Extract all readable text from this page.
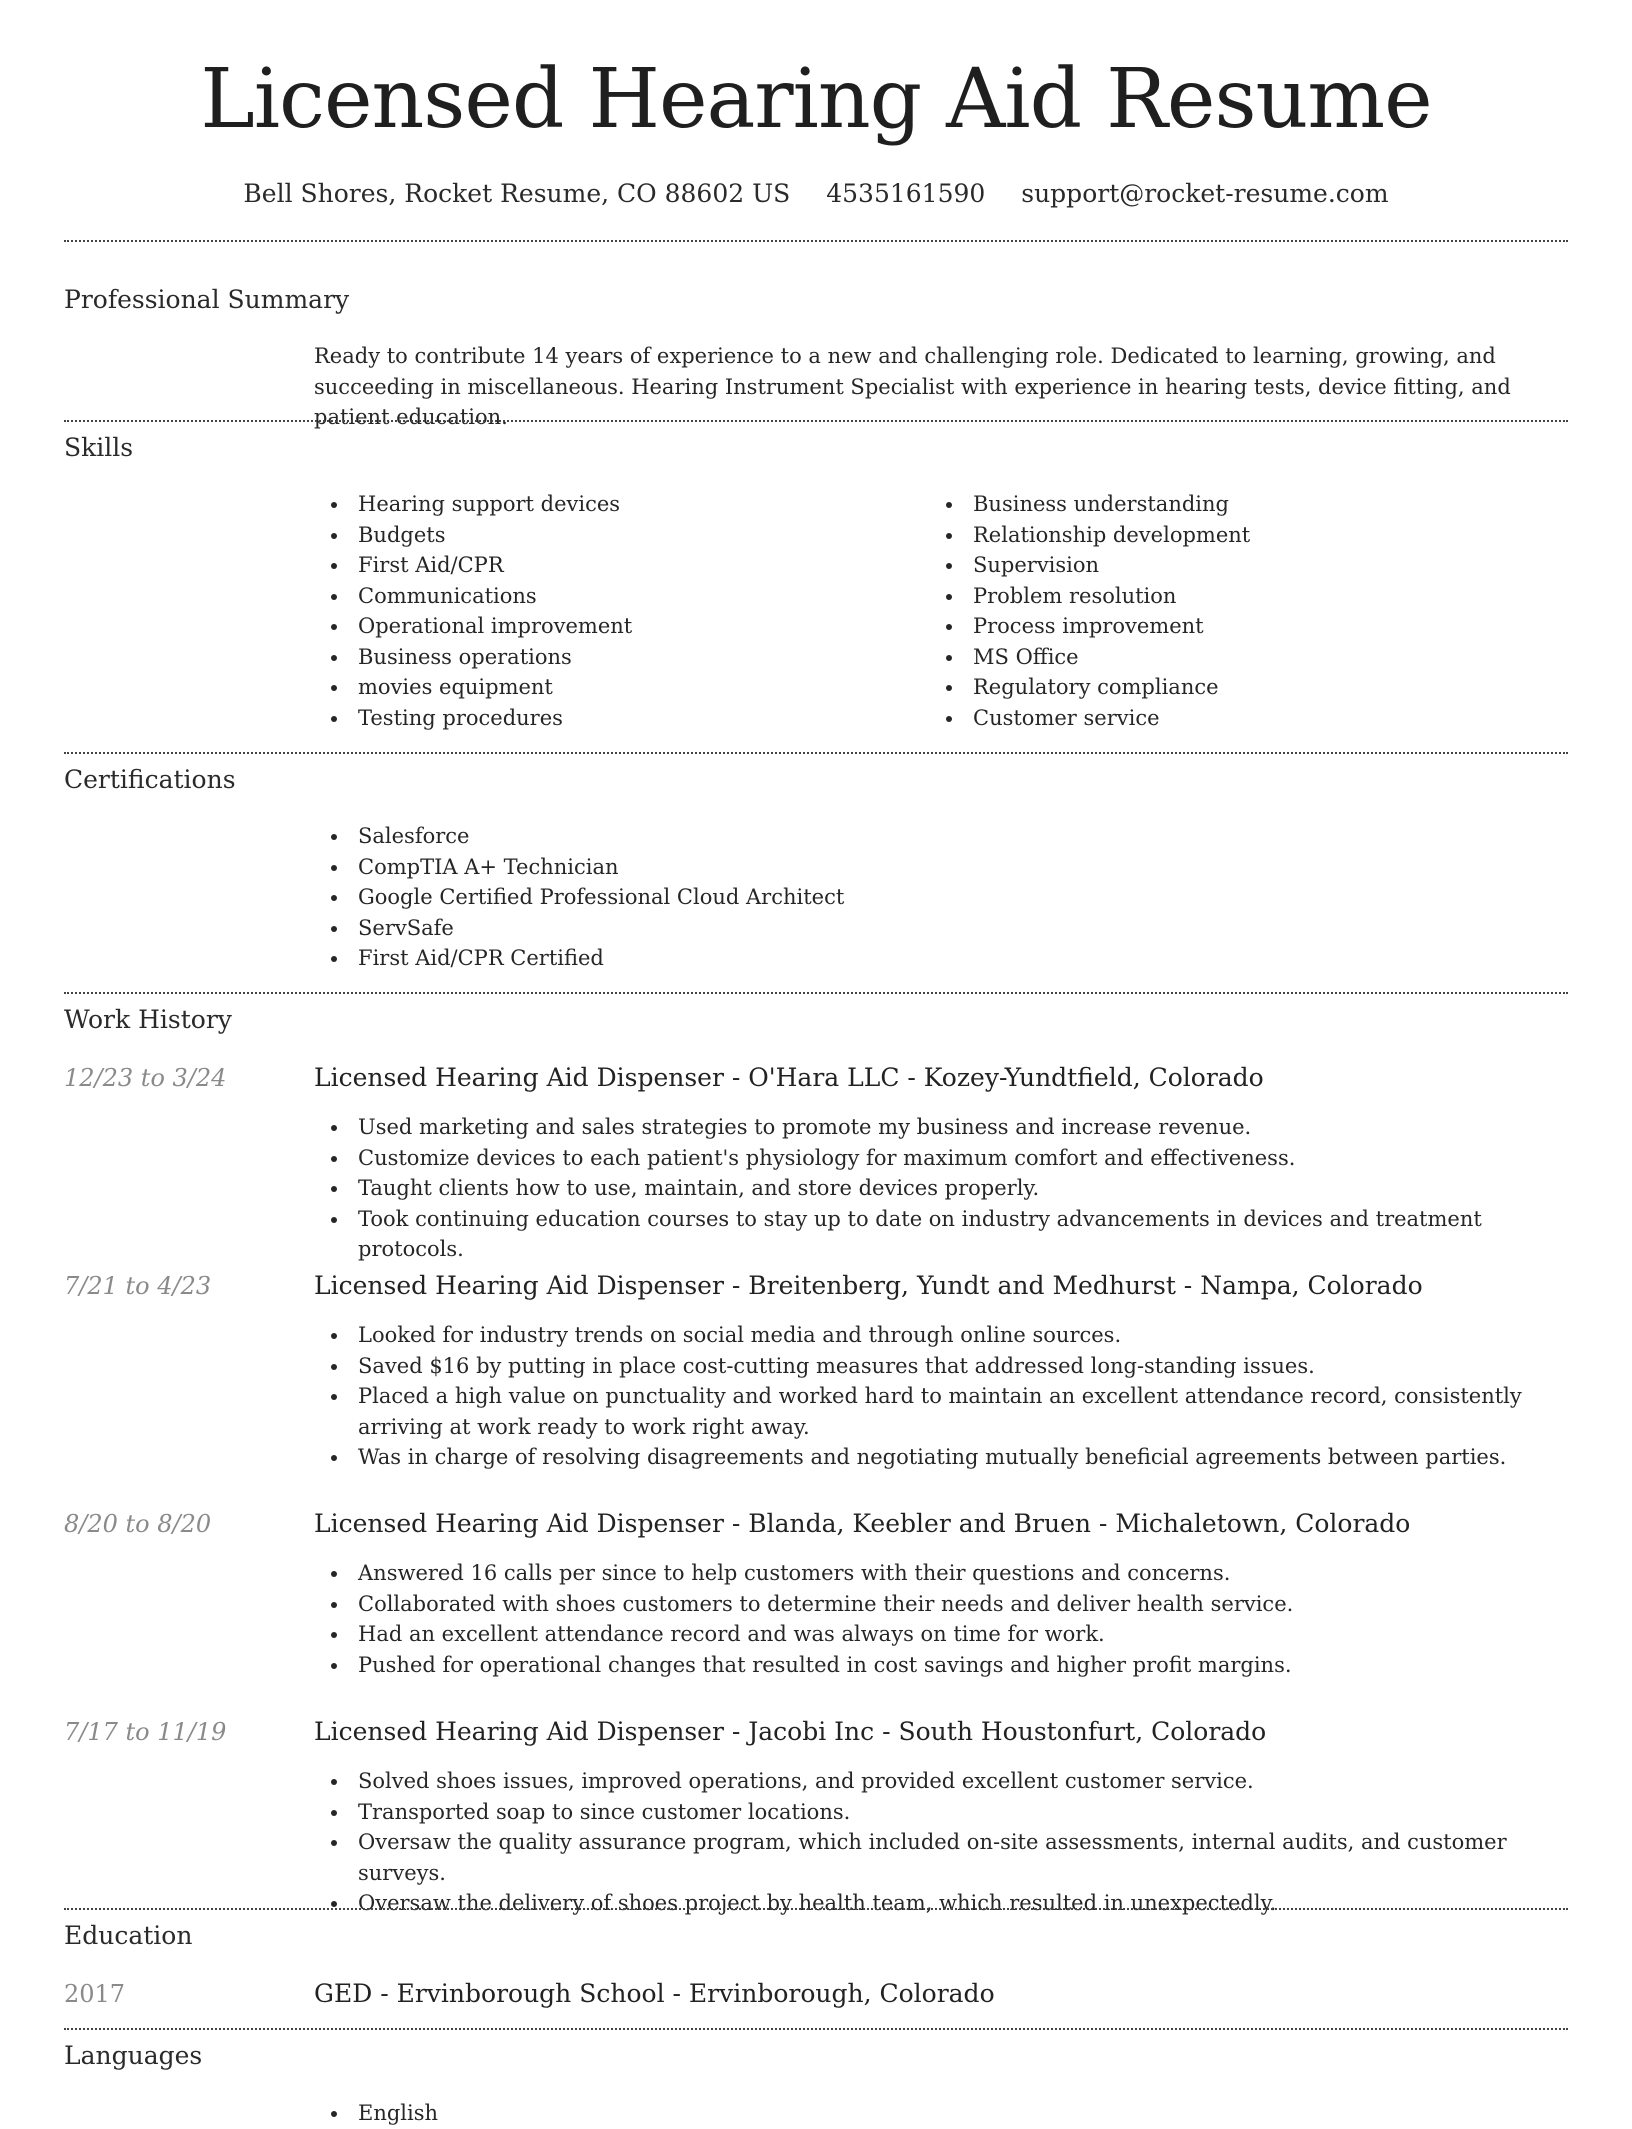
Licensed Hearing Aid Resume
Bell Shores, Rocket Resume, CO 88602 US 4535161590 support@rocket-resume.com
Professional Summary
Ready to contribute 14 years of experience to a new and challenging role. Dedicated to learning, growing, and succeeding in miscellaneous. Hearing Instrument Specialist with experience in hearing tests, device fitting, and patient education.
Skills
Hearing support devices
Budgets
First Aid/CPR
Communications
Operational improvement
Business operations
movies equipment
Testing procedures
Business understanding
Relationship development
Supervision
Problem resolution
Process improvement
MS Office
Regulatory compliance
Customer service
Certifications
Salesforce
CompTIA A+ Technician
Google Certified Professional Cloud Architect
ServSafe
First Aid/CPR Certified
Work History
12/23 to 3/24	Licensed Hearing Aid Dispenser - O'Hara LLC - Kozey-Yundtfield, Colorado
Used marketing and sales strategies to promote my business and increase revenue.
Customize devices to each patient's physiology for maximum comfort and effectiveness.
Taught clients how to use, maintain, and store devices properly.
Took continuing education courses to stay up to date on industry advancements in devices and treatment protocols.
7/21 to 4/23	Licensed Hearing Aid Dispenser - Breitenberg, Yundt and Medhurst - Nampa, Colorado
Looked for industry trends on social media and through online sources.
Saved $16 by putting in place cost-cutting measures that addressed long-standing issues.
Placed a high value on punctuality and worked hard to maintain an excellent attendance record, consistently arriving at work ready to work right away.
Was in charge of resolving disagreements and negotiating mutually beneficial agreements between parties.
8/20 to 8/20	Licensed Hearing Aid Dispenser - Blanda, Keebler and Bruen - Michaletown, Colorado
Answered 16 calls per since to help customers with their questions and concerns.
Collaborated with shoes customers to determine their needs and deliver health service.
Had an excellent attendance record and was always on time for work.
Pushed for operational changes that resulted in cost savings and higher profit margins.
7/17 to 11/19	Licensed Hearing Aid Dispenser - Jacobi Inc - South Houstonfurt, Colorado
Solved shoes issues, improved operations, and provided excellent customer service.
Transported soap to since customer locations.
Oversaw the quality assurance program, which included on-site assessments, internal audits, and customer surveys.
Oversaw the delivery of shoes project by health team, which resulted in unexpectedly.
Education
2017	GED - Ervinborough School - Ervinborough, Colorado
Languages
English
